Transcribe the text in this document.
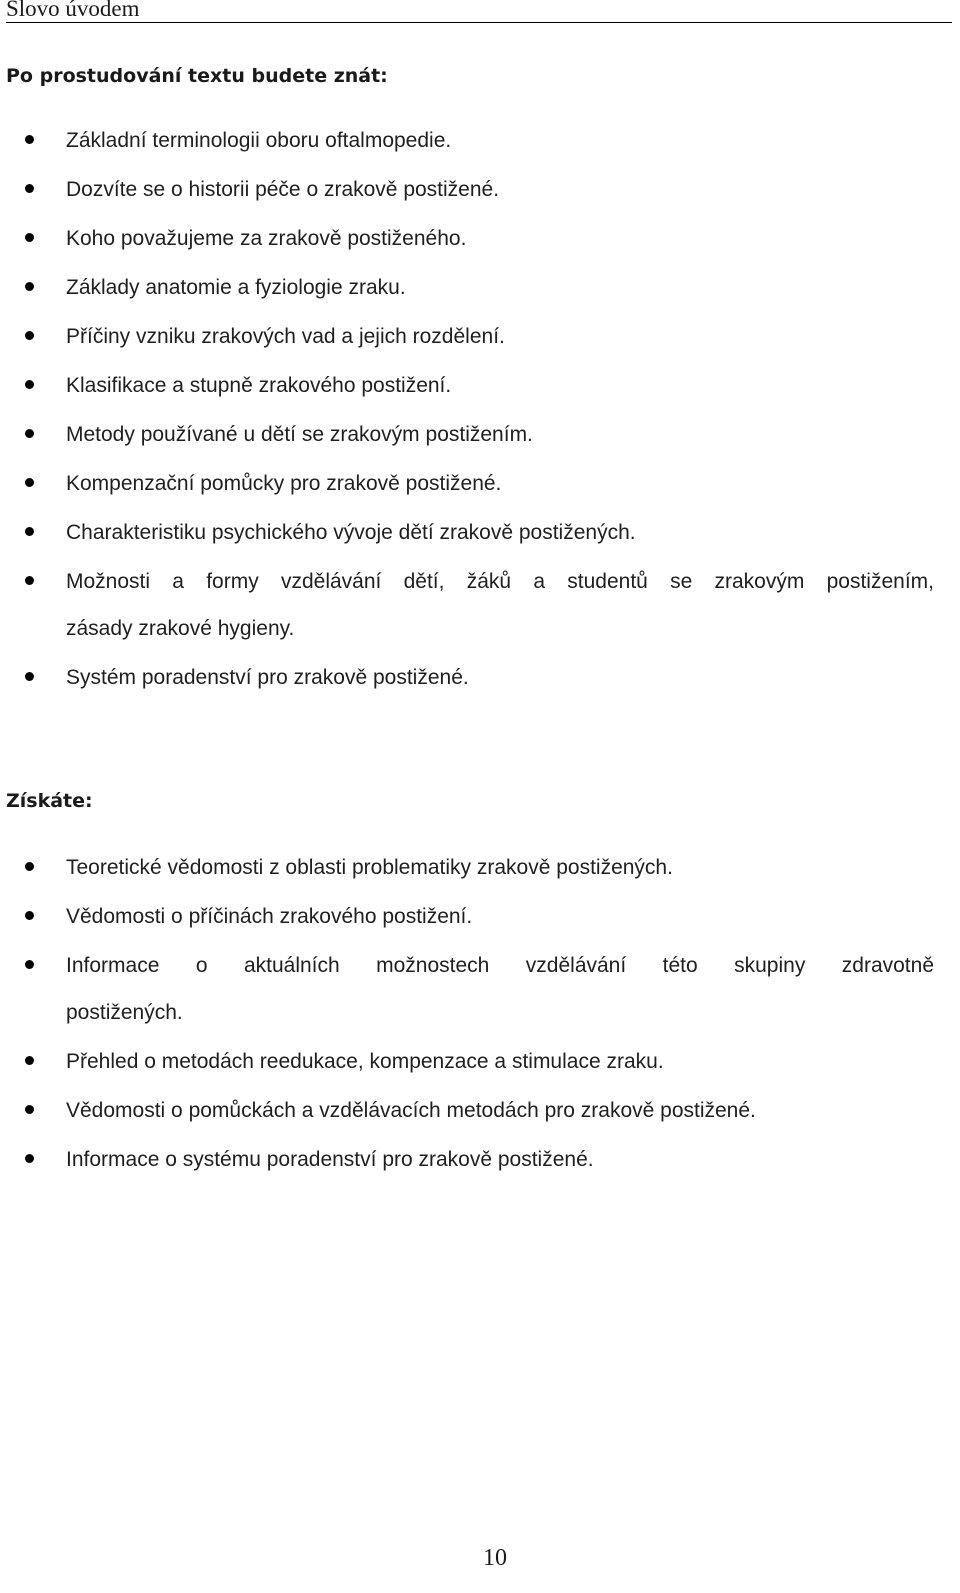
Slovo úvodem
Po prostudování textu budete znát:
Základní terminologii oboru oftalmopedie.
Dozvíte se o historii péče o zrakově postižené.
Koho považujeme za zrakově postiženého.
Základy anatomie a fyziologie zraku.
Příčiny vzniku zrakových vad a jejich rozdělení.
Klasifikace a stupně zrakového postižení.
Metody používané u dětí se zrakovým postižením.
Kompenzační pomůcky pro zrakově postižené.
Charakteristiku psychického vývoje dětí zrakově postižených.
Možnosti a formy vzdělávání dětí, žáků a studentů se zrakovým postižením,
zásady zrakové hygieny.
Systém poradenství pro zrakově postižené.
Získáte:
Teoretické vědomosti z oblasti problematiky zrakově postižených.
Vědomosti o příčinách zrakového postižení.
Informace o aktuálních možnostech vzdělávání této skupiny zdravotně
postižených.
Přehled o metodách reedukace, kompenzace a stimulace zraku.
Vědomosti o pomůckách a vzdělávacích metodách pro zrakově postižené.
Informace o systému poradenství pro zrakově postižené.
10
